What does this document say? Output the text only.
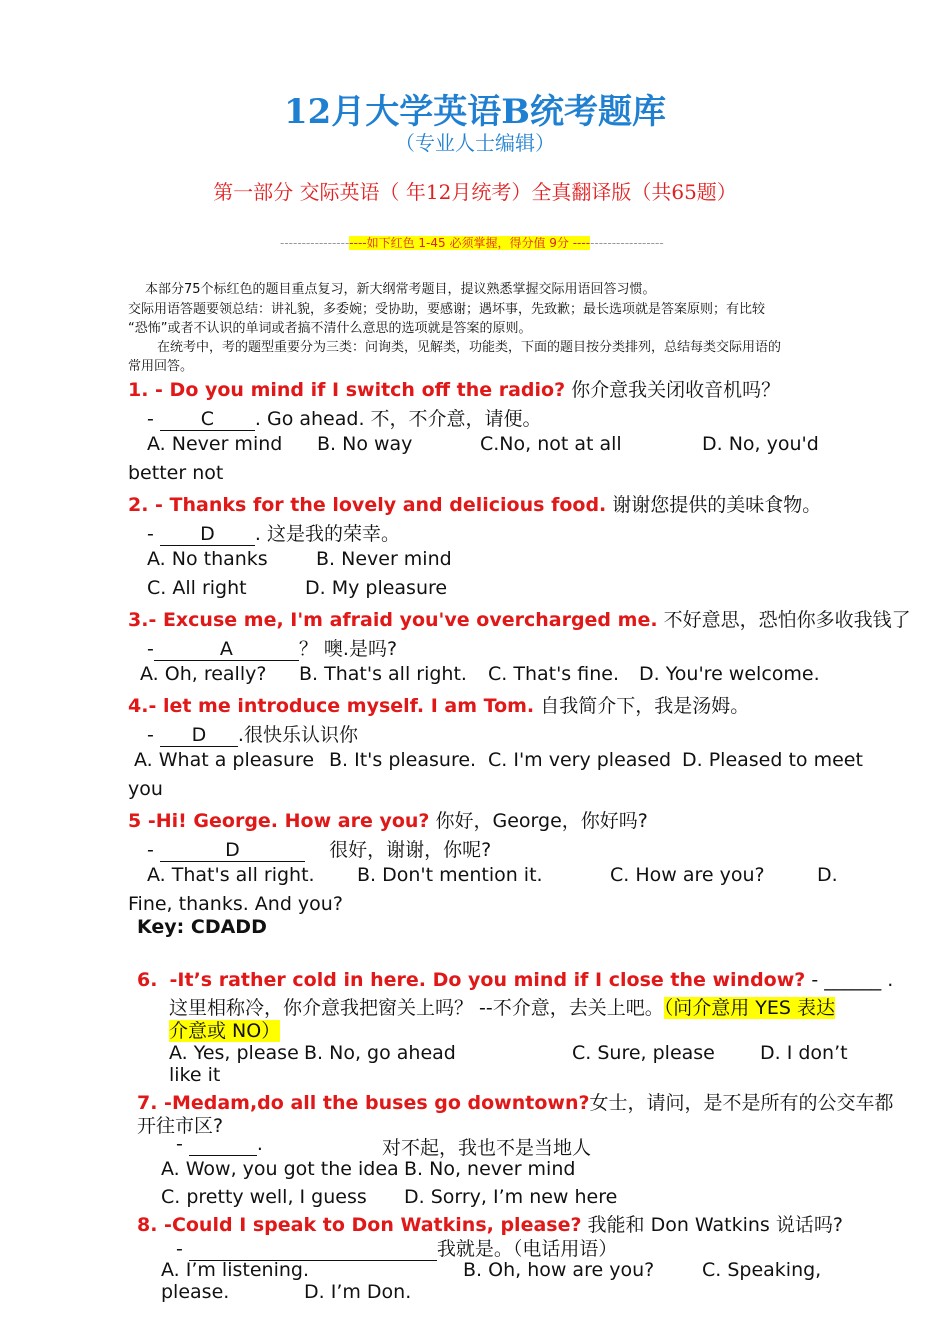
12月大学英语B统考题库
（专业人士编辑）
第一部分 交际英语（ 年12月统考）全真翻译版（共65题）
--------------------如下红色 1-45 必须掌握，得分值 9分 ---------------------
本部分75个标红色的题目重点复习，新大纲常考题目，提议熟悉掌握交际用语回答习惯。
交际用语答题要领总结：讲礼貌，多委婉；受协助，要感谢；遇坏事，先致歉；最长选项就是答案原则；有比较
“恐怖”或者不认识的单词或者搞不清什么意思的选项就是答案的原则。
在统考中，考的题型重要分为三类：问询类，见解类，功能类，下面的题目按分类排列，总结每类交际用语的
常用回答。
1. - Do you mind if I switch off the radio? 你介意我关闭收音机吗？
- C . Go ahead. 不，不介意，请便。
A. Never mind B. No way	C.No, not at all	D. No, you'd
better not
2. - Thanks for the lovely and delicious food. 谢谢您提供的美味食物。
- D . 这是我的荣幸。
A. No thanks	B. Never mind
C. All right	D. My pleasure
3.- Excuse me, I'm afraid you've overcharged me. 不好意思，恐怕你多收我钱了
-	A	？ 噢.是吗?
A. Oh, really? B. That's all right. C. That's fine. D. You're welcome.
4.- let me introduce myself. I am Tom. 自我简介下，我是汤姆。
- D .很快乐认识你
A. What a pleasure B. It's pleasure. C. I'm very pleased D. Pleased to meet
you
5 -Hi! George. How are you? 你好，George，你好吗?
-	D	很好，谢谢，你呢?
A. That's all right. B. Don't mention it.	C. How are you?	D.
Fine, thanks. And you?
Key: CDADD
6. -It’s rather cold in here. Do you mind if I close the window? - ______ .
这里相称冷，你介意我把窗关上吗？ --不介意，去关上吧。（问介意用 YES 表达
介意或 NO）
A. Yes, please B. No, go ahead	C. Sure, please D. I don’t
like it
7. -Medam,do all the buses go downtown?女士，请问，是不是所有的公交车都
开往市区?
-	.	对不起，我也不是当地人
A. Wow, you got the idea B. No, never mind
C. pretty well, I guess D. Sorry, I’m new here
8. -Could I speak to Don Watkins, please? 我能和 Don Watkins 说话吗?
-	我就是。（电话用语）
A. I’m listening.	B. Oh, how are you?	C. Speaking,
please.	D. I’m Don.
